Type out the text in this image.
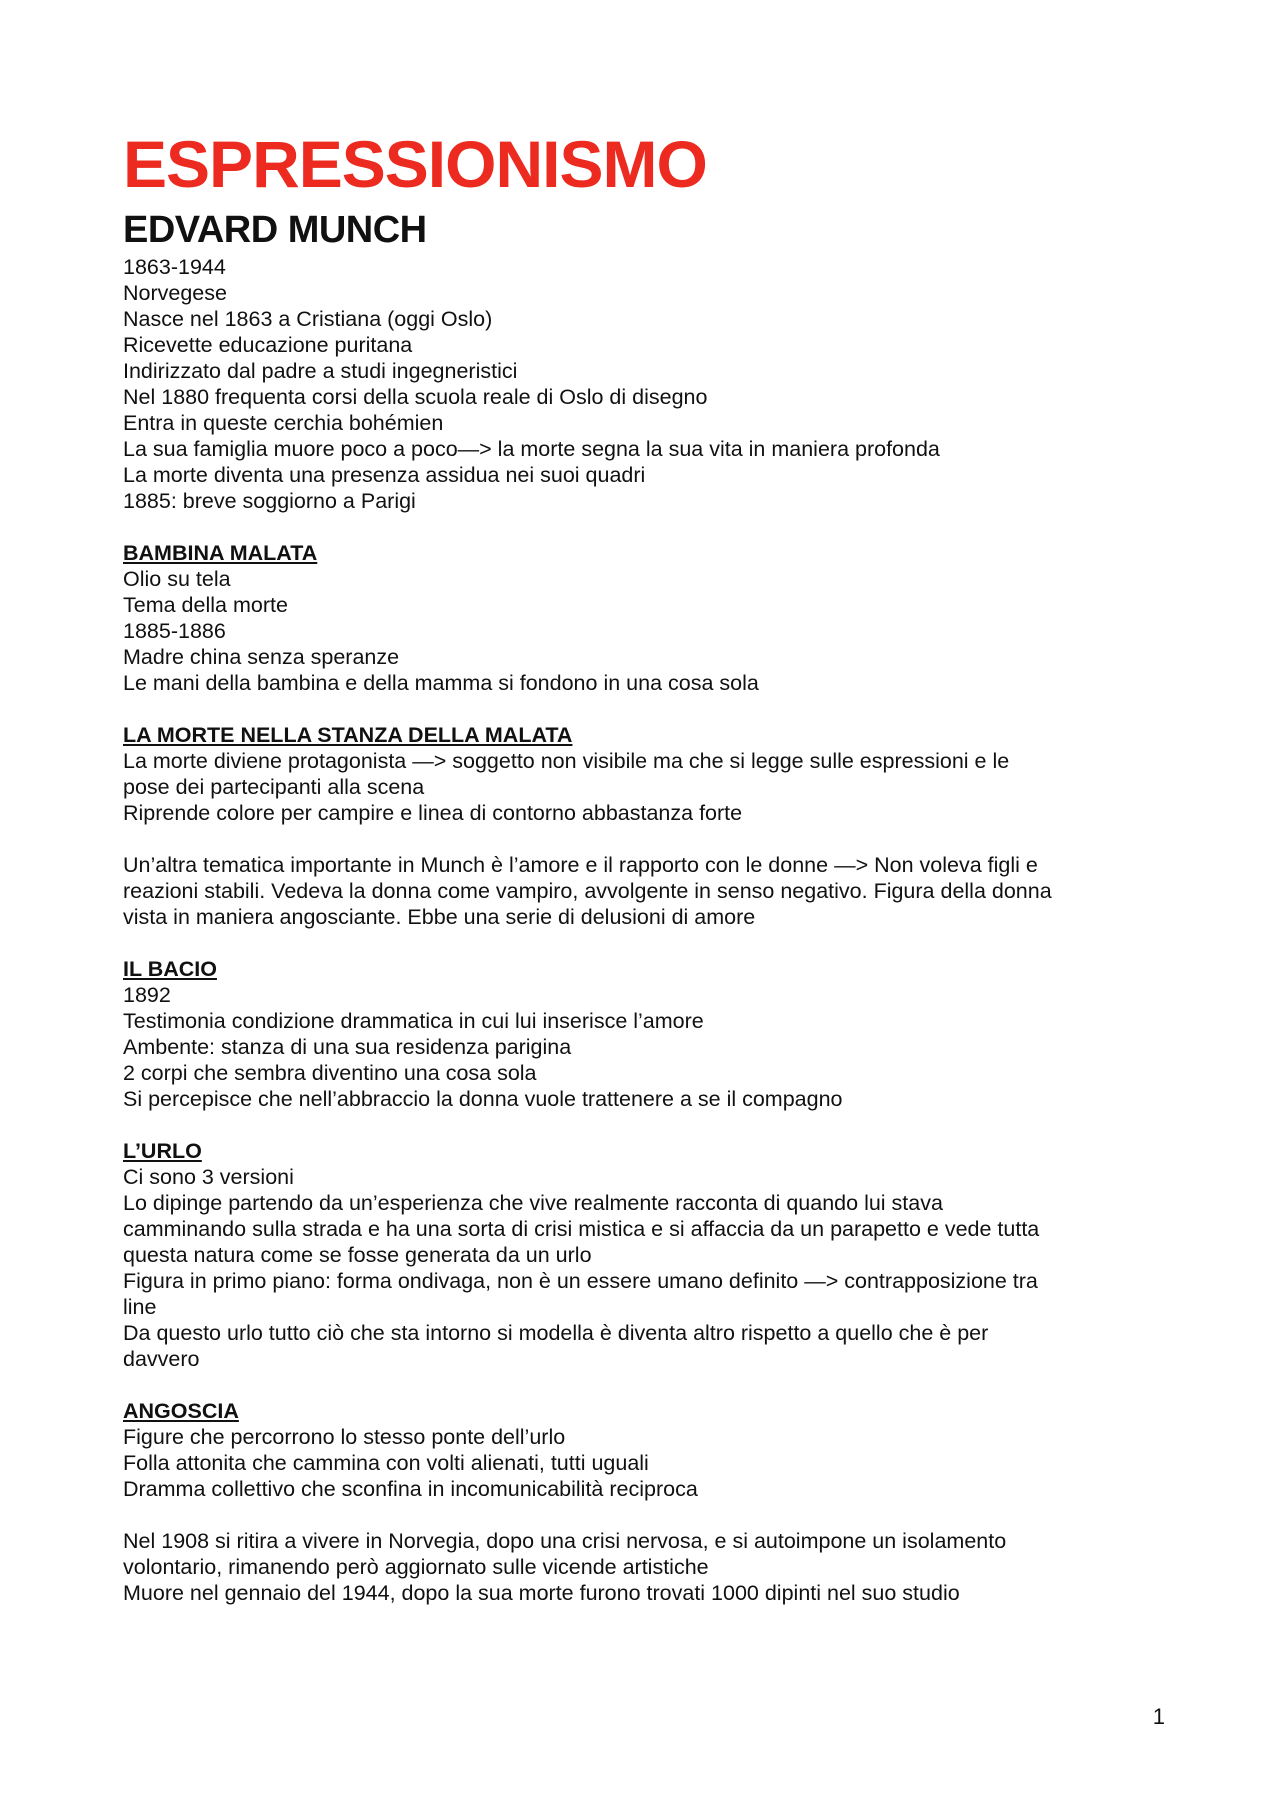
ESPRESSIONISMO
EDVARD MUNCH

1863-1944

Norvegese

Nasce nel 1863 a Cristiana (oggi Oslo)

Ricevette educazione puritana

Indirizzato dal padre a studi ingegneristici

Nel 1880 frequenta corsi della scuola reale di Oslo di disegno

Entra in queste cerchia bohémien

La sua famiglia muore poco a poco—> la morte segna la sua vita in maniera profonda

La morte diventa una presenza assidua nei suoi quadri

1885: breve soggiorno a Parigi

BAMBINA MALATA

Olio su tela

Tema della morte

1885-1886

Madre china senza speranze

Le mani della bambina e della mamma si fondono in una cosa sola

LA MORTE NELLA STANZA DELLA MALATA

La morte diviene protagonista —> soggetto non visibile ma che si legge sulle espressioni e le

pose dei partecipanti alla scena

Riprende colore per campire e linea di contorno abbastanza forte

Un’altra tematica importante in Munch è l’amore e il rapporto con le donne —> Non voleva figli e

reazioni stabili. Vedeva la donna come vampiro, avvolgente in senso negativo. Figura della donna

vista in maniera angosciante. Ebbe una serie di delusioni di amore

IL BACIO

1892

Testimonia condizione drammatica in cui lui inserisce l’amore

Ambente: stanza di una sua residenza parigina

2 corpi che sembra diventino una cosa sola

Si percepisce che nell’abbraccio la donna vuole trattenere a se il compagno

L’URLO

Ci sono 3 versioni

Lo dipinge partendo da un’esperienza che vive realmente racconta di quando lui stava

camminando sulla strada e ha una sorta di crisi mistica e si affaccia da un parapetto e vede tutta

questa natura come se fosse generata da un urlo

Figura in primo piano: forma ondivaga, non è un essere umano definito —> contrapposizione tra

line

Da questo urlo tutto ciò che sta intorno si modella è diventa altro rispetto a quello che è per

davvero

ANGOSCIA

Figure che percorrono lo stesso ponte dell’urlo

Folla attonita che cammina con volti alienati, tutti uguali

Dramma collettivo che sconfina in incomunicabilità reciproca

Nel 1908 si ritira a vivere in Norvegia, dopo una crisi nervosa, e si autoimpone un isolamento

volontario, rimanendo però aggiornato sulle vicende artistiche

Muore nel gennaio del 1944, dopo la sua morte furono trovati 1000 dipinti nel suo studio

1
